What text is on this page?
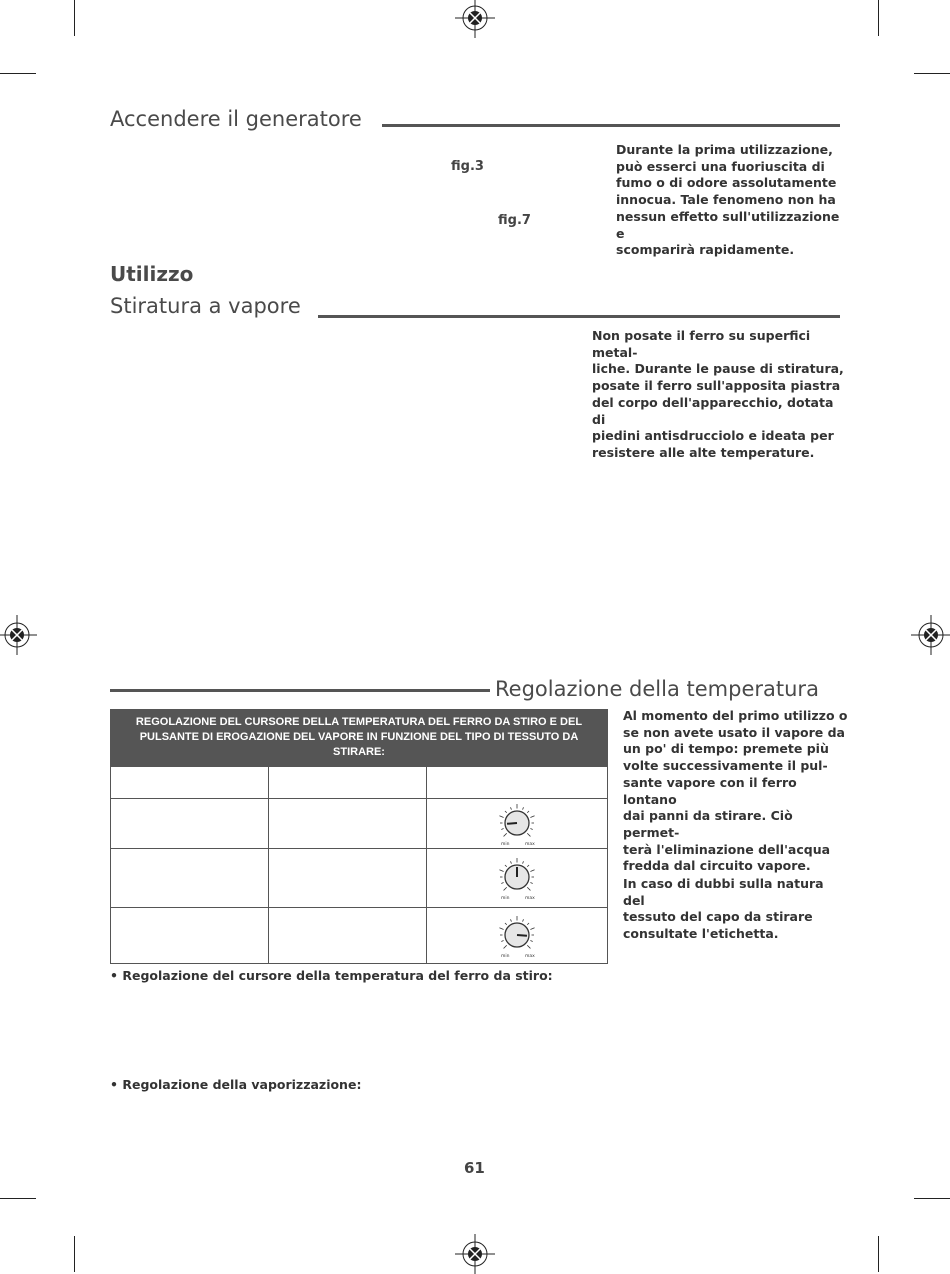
Accendere il generatore
fig.3
fig.7
Durante la prima utilizzazione,
può esserci una fuoriuscita di
fumo o di odore assolutamente
innocua. Tale fenomeno non ha
nessun effetto sull'utilizzazione e
scomparirà rapidamente.
Utilizzo
Stiratura a vapore
Non posate il ferro su superfici metal-
liche. Durante le pause di stiratura,
posate il ferro sull'apposita piastra
del corpo dell'apparecchio, dotata di
piedini antisdrucciolo e ideata per
resistere alle alte temperature.
Regolazione della temperatura
REGOLAZIONE DEL CURSORE DELLA TEMPERATURA DEL FERRO DA STIRO E DEL PULSANTE DI EROGAZIONE DEL VAPORE IN FUNZIONE DEL TIPO DI TESSUTO DA STIRARE:		

min max

min max

min max
Al momento del primo utilizzo o
se non avete usato il vapore da
un po' di tempo: premete più
volte successivamente il pul-
sante vapore con il ferro lontano
dai panni da stirare. Ciò permet-
terà l'eliminazione dell'acqua
fredda dal circuito vapore.
In caso di dubbi sulla natura del
tessuto del capo da stirare
consultate l'etichetta.
• Regolazione del cursore della temperatura del ferro da stiro:
• Regolazione della vaporizzazione:
61
